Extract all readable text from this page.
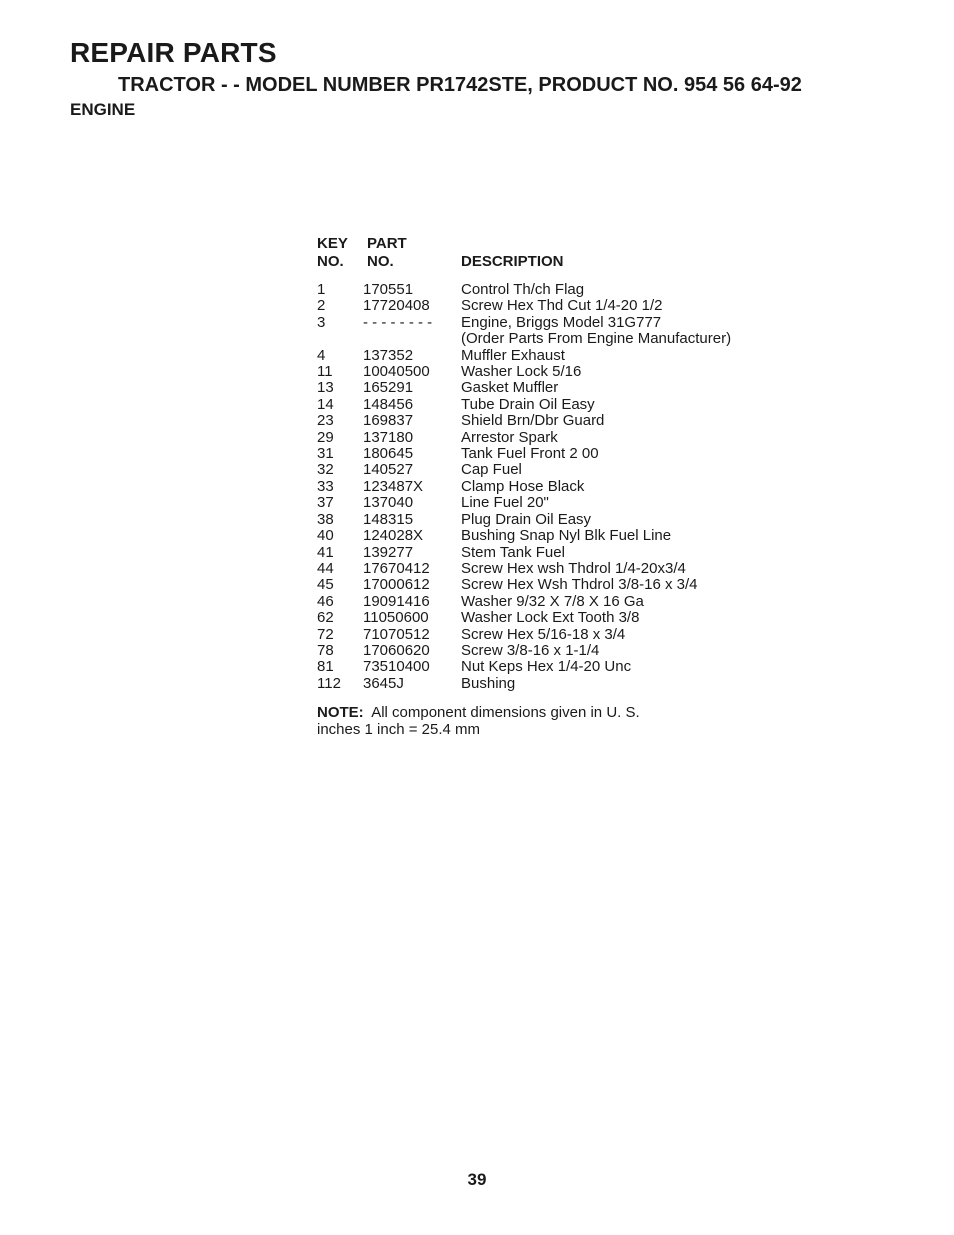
REPAIR PARTS
TRACTOR - - MODEL NUMBER PR1742STE, PRODUCT NO. 954 56 64-92
ENGINE
KEY
NO.
PART
NO.	DESCRIPTION
1	170551	Control Th/ch Flag
2	17720408 Screw Hex Thd Cut 1/4-20 1/2
3	- - - - - - - - Engine, Briggs Model 31G777
(Order Parts From Engine Manufacturer)
4	137352	Muffler Exhaust
11 10040500 Washer Lock 5/16
13 165291	Gasket Muffler
14 148456	Tube Drain Oil Easy
23 169837	Shield Brn/Dbr Guard
29 137180	Arrestor Spark
31 180645	Tank Fuel Front 2 00
32 140527	Cap Fuel
33 123487X	Clamp Hose Black
37 137040	Line Fuel 20"
38 148315	Plug Drain Oil Easy
40 124028X	Bushing Snap Nyl Blk Fuel Line
41 139277	Stem Tank Fuel
44 17670412 Screw Hex wsh Thdrol 1/4-20x3/4
45 17000612 Screw Hex Wsh Thdrol 3/8-16 x 3/4
46 19091416 Washer 9/32 X 7/8 X 16 Ga
62 11050600 Washer Lock Ext Tooth 3/8
72 71070512 Screw Hex 5/16-18 x 3/4
78 17060620 Screw 3/8-16 x 1-1/4
81 73510400 Nut Keps Hex 1/4-20 Unc
112 3645J	Bushing
NOTE: All component dimensions given in U. S.
inches 1 inch = 25.4 mm
39
